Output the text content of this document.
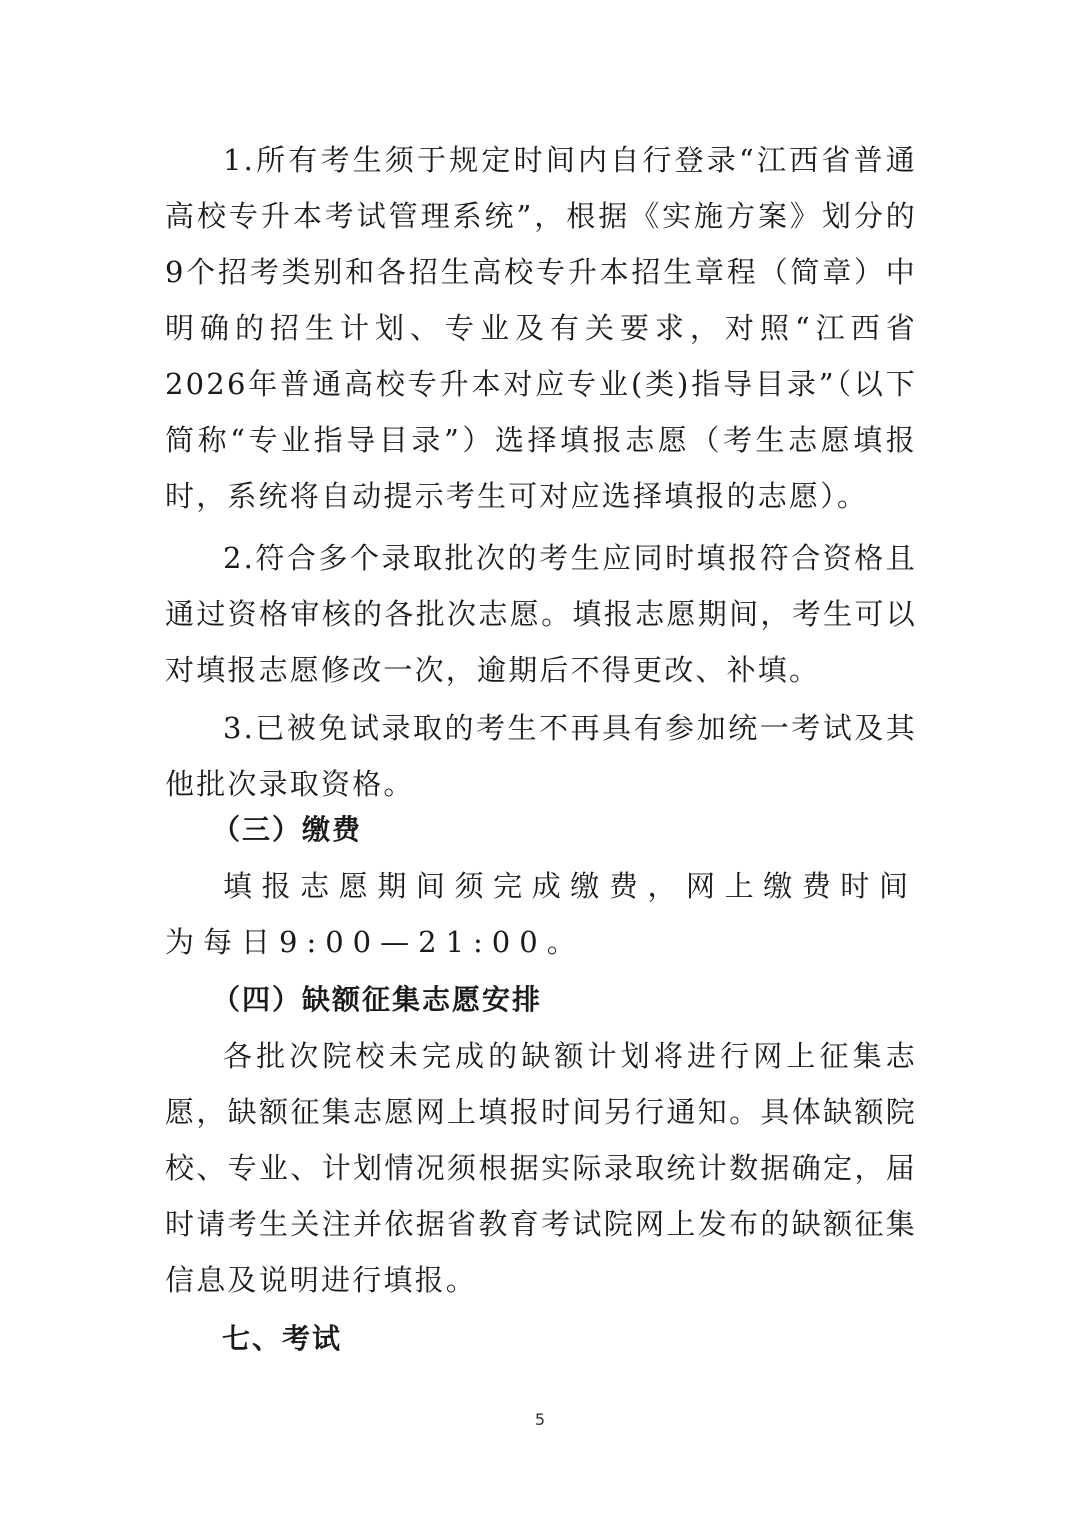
1.所有考生须于规定时间内自行登录“江西省普通高校专升本考试管理系统”，根据《实施方案》划分的9个招考类别和各招生高校专升本招生章程（简章）中明确的招生计划、专业及有关要求，对照“江西省2026年普通高校专升本对应专业(类)指导目录”（以下简称“专业指导目录”）选择填报志愿（考生志愿填报时，系统将自动提示考生可对应选择填报的志愿）。

2.符合多个录取批次的考生应同时填报符合资格且通过资格审核的各批次志愿。填报志愿期间，考生可以对填报志愿修改一次，逾期后不得更改、补填。

3.已被免试录取的考生不再具有参加统一考试及其他批次录取资格。

（三）缴费

填报志愿期间须完成缴费，网上缴费时间为每日9:00—21:00。

（四）缺额征集志愿安排

各批次院校未完成的缺额计划将进行网上征集志愿，缺额征集志愿网上填报时间另行通知。具体缺额院校、专业、计划情况须根据实际录取统计数据确定，届时请考生关注并依据省教育考试院网上发布的缺额征集信息及说明进行填报。

七、考试

5
